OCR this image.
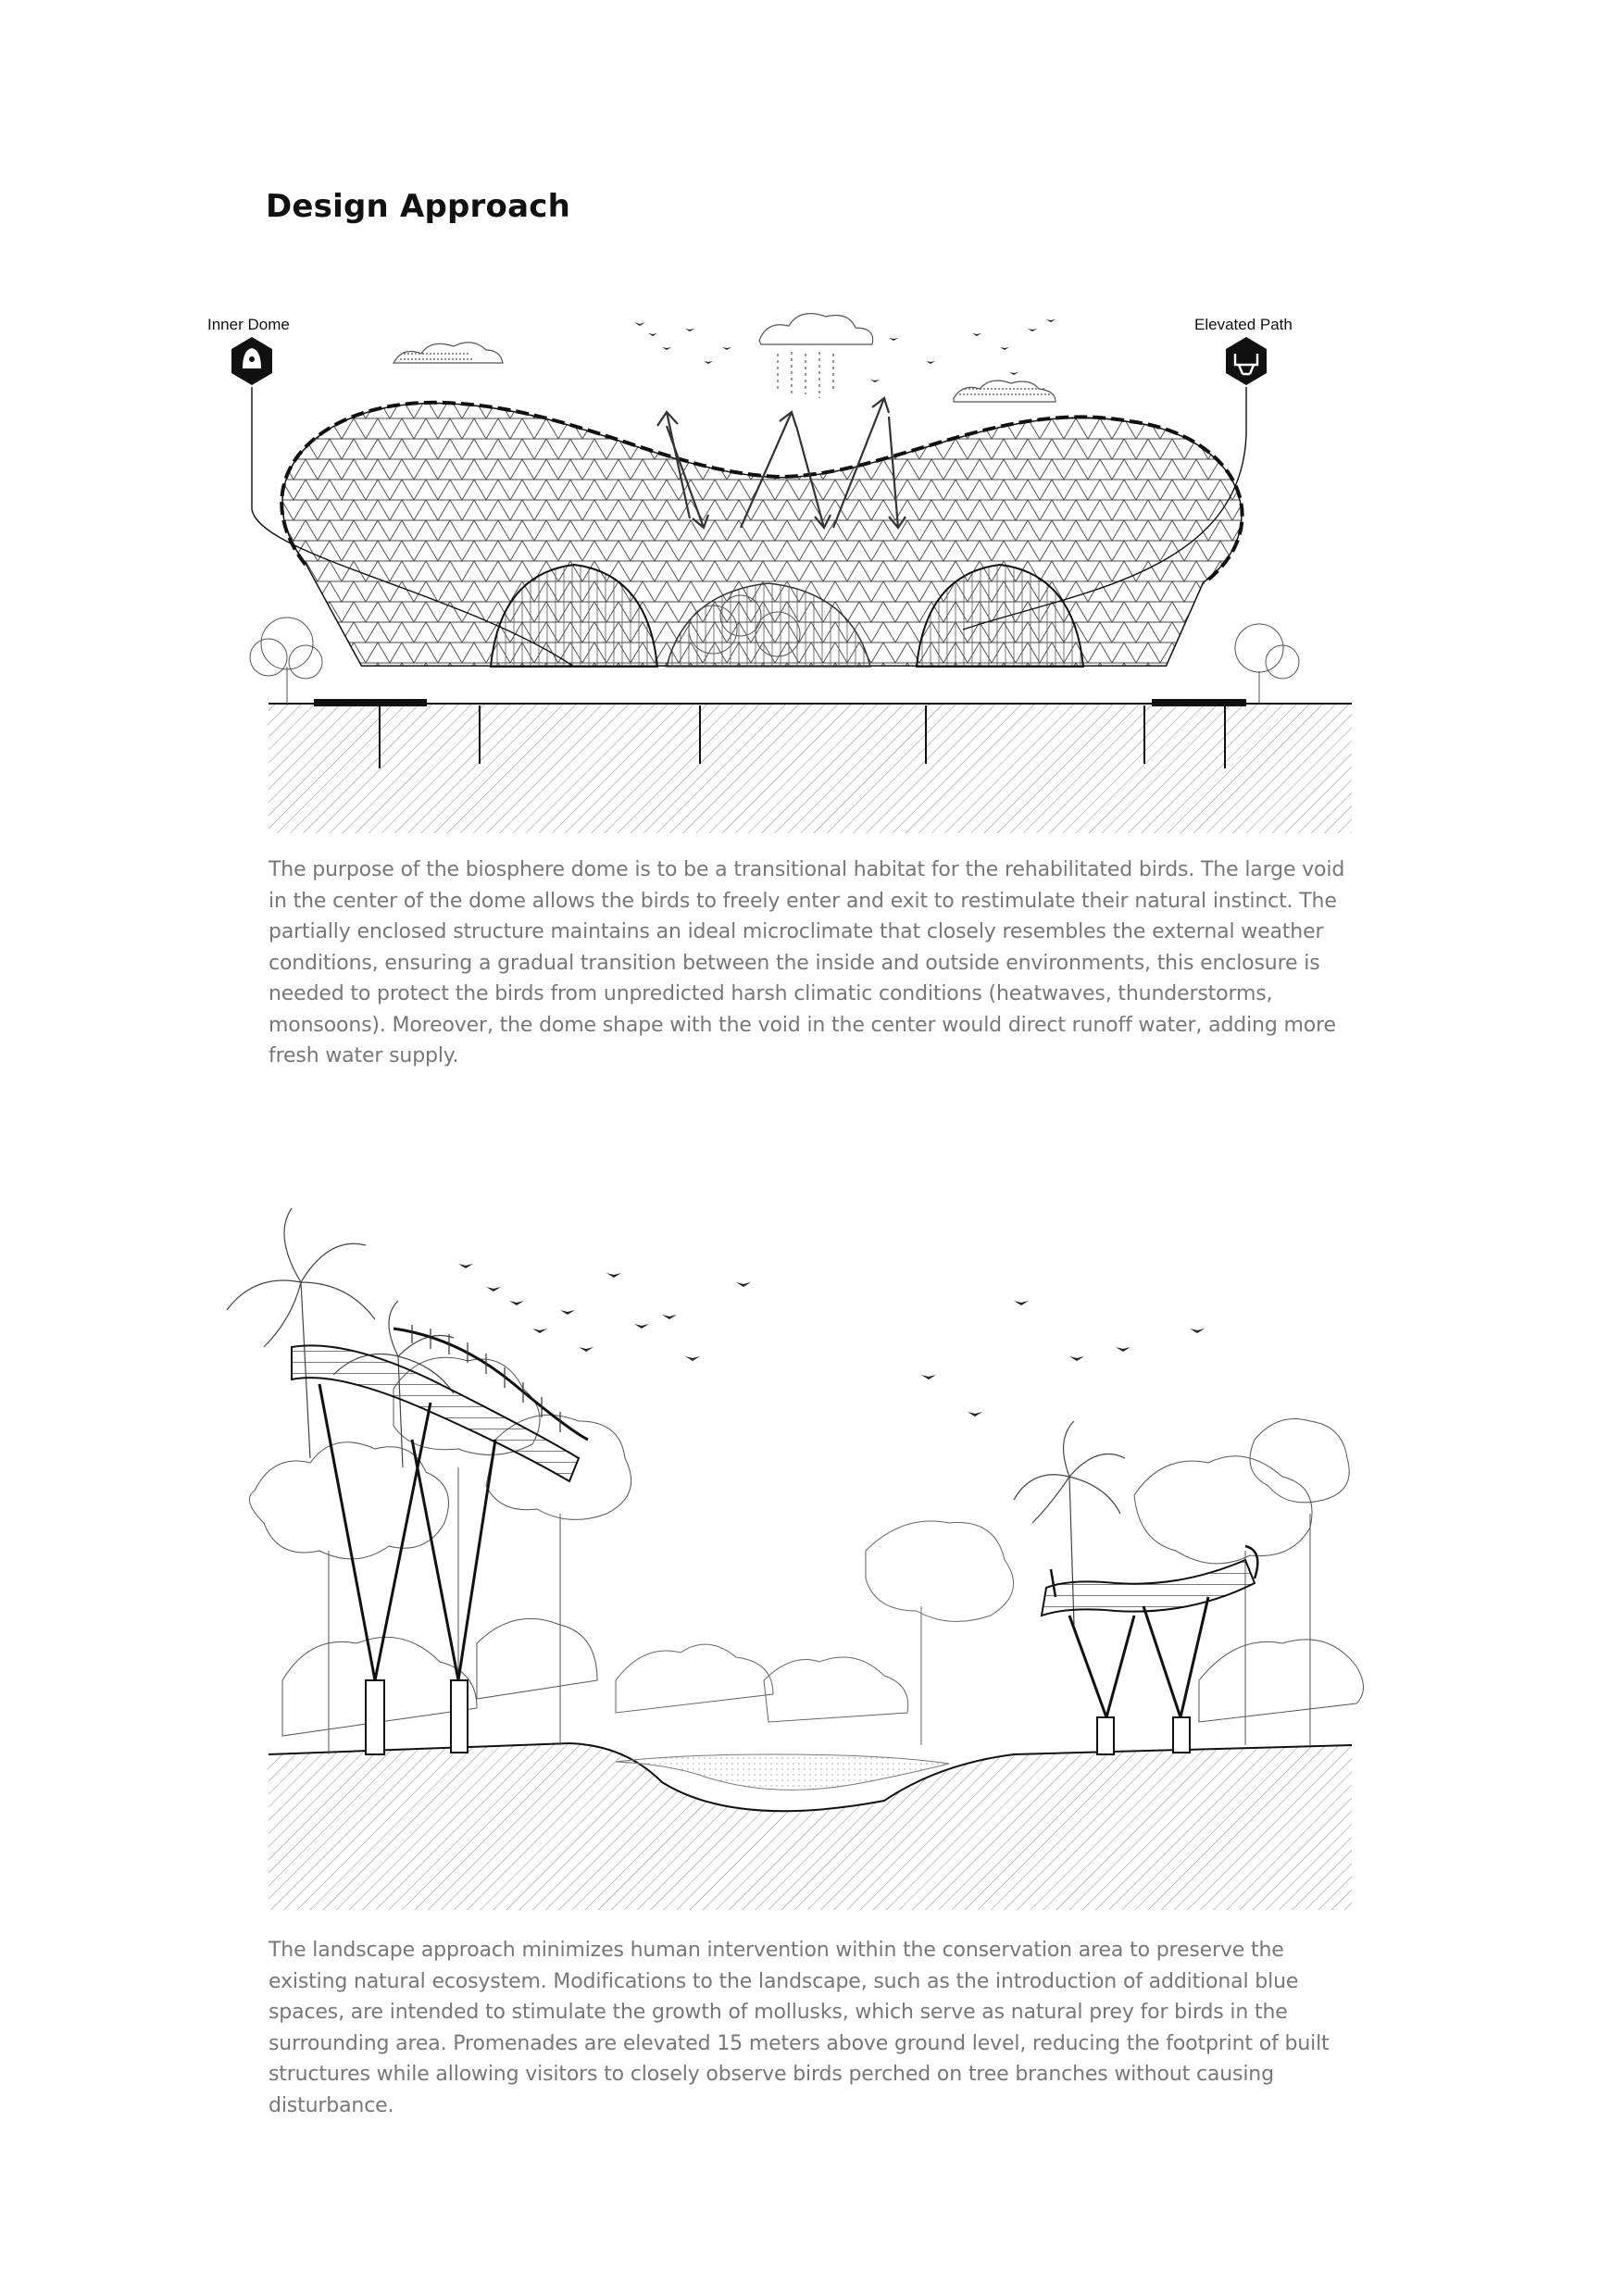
Design Approach
Inner Dome	Elevated Path

The purpose of the biosphere dome is to be a transitional habitat for the rehabilitated birds. The large void in the center of the dome allows the birds to freely enter and exit to restimulate their natural instinct. The partially enclosed structure maintains an ideal microclimate that closely resembles the external weather conditions, ensuring a gradual transition between the inside and outside environments, this enclosure is needed to protect the birds from unpredicted harsh climatic conditions (heatwaves, thunderstorms, monsoons). Moreover, the dome shape with the void in the center would direct runoff water, adding more fresh water supply.

The landscape approach minimizes human intervention within the conservation area to preserve the existing natural ecosystem. Modifications to the landscape, such as the introduction of additional blue spaces, are intended to stimulate the growth of mollusks, which serve as natural prey for birds in the surrounding area. Promenades are elevated 15 meters above ground level, reducing the footprint of built structures while allowing visitors to closely observe birds perched on tree branches without causing disturbance.
